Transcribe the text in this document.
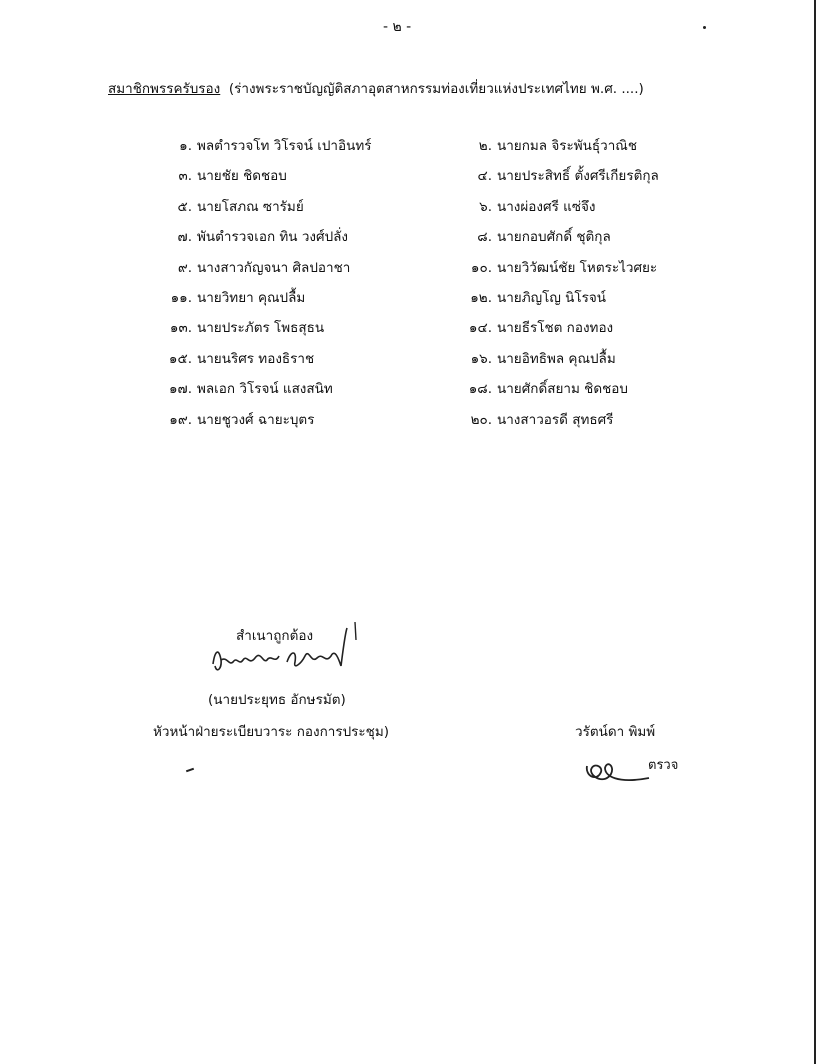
- ๒ -
สมาชิกพรรครับรอง (ร่างพระราชบัญญัติสภาอุตสาหกรรมท่องเที่ยวแห่งประเทศไทย พ.ศ. ....)
๑. พลตำรวจโท วิโรจน์ เปาอินทร์
๓. นายชัย ชิดชอบ
๕. นายโสภณ ซารัมย์
๗. พันตำรวจเอก ทิน วงศ์ปลั่ง
๙. นางสาวกัญจนา ศิลปอาชา
๑๑. นายวิทยา คุณปลื้ม
๑๓. นายประภัตร โพธสุธน
๑๕. นายนริศร ทองธิราช
๑๗. พลเอก วิโรจน์ แสงสนิท
๑๙. นายชูวงศ์ ฉายะบุตร
๒. นายกมล จิระพันธุ์วาณิช
๔. นายประสิทธิ์ ตั้งศรีเกียรติกุล
๖. นางผ่องศรี แซ่จึง
๘. นายกอบศักดิ์ ชุติกุล
๑๐. นายวิวัฒน์ชัย โหตระไวศยะ
๑๒. นายภิญโญ นิโรจน์
๑๔. นายธีรโชต กองทอง
๑๖. นายอิทธิพล คุณปลื้ม
๑๘. นายศักดิ์สยาม ชิดชอบ
๒๐. นางสาวอรดี สุทธศรี
สำเนาถูกต้อง
(นายประยุทธ อักษรมัต)
หัวหน้าฝ่ายระเบียบวาระ กองการประชุม)	วรัตน์ดา พิมพ์
ตรวจ
